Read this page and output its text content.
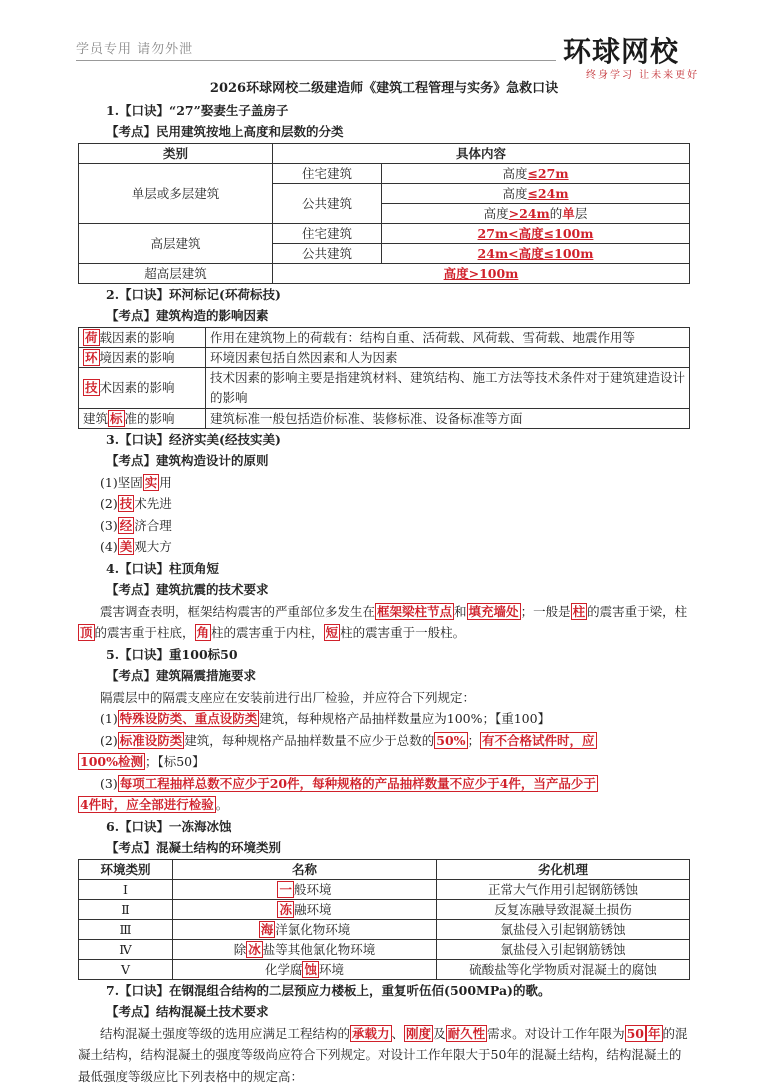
学员专用 请勿外泄	环球网校
终身学习 让未来更好
2026环球网校二级建造师《建筑工程管理与实务》急救口诀
1.【口诀】“27”娶妻生子盖房子
【考点】民用建筑按地上高度和层数的分类
类别	具体内容	
单层或多层建筑	住宅建筑	高度≤27m
	公共建筑	高度≤24m
		高度>24m的单层
高层建筑	住宅建筑	27m<高度≤100m
	公共建筑	24m<高度≤100m
超高层建筑	高度>100m	
2.【口诀】环河标记(环荷标技)
【考点】建筑构造的影响因素
荷 载因素的影响	作用在建筑物上的荷载有：结构自重、活荷载、风荷载、雪荷载、地震作用等
环 境因素的影响	环境因素包括自然因素和人为因素
技 术因素的影响	技术因素的影响主要是指建筑材料、建筑结构、施工方法等技术条件对于建筑建造设计的影响
建筑 标 准的影响	建筑标准一般包括造价标准、装修标准、设备标准等方面
3.【口诀】经济实美(经技实美)
【考点】建筑构造设计的原则
(1)坚固 实 用
(2) 技 术先进
(3) 经 济合理
(4) 美 观大方
4.【口诀】柱顶角短
【考点】建筑抗震的技术要求
震害调查表明，框架结构震害的严重部位多发生在 框架梁柱节点 和 填充墙处 ；一般是 柱 的震害重于梁，柱顶 的震害重于柱底， 角 柱的震害重于内柱， 短 柱的震害重于一般柱。
5.【口诀】重100标50
【考点】建筑隔震措施要求
隔震层中的隔震支座应在安装前进行出厂检验，并应符合下列规定：
(1) 特殊设防类、重点设防类 建筑，每种规格产品抽样数量应为100%；【重100】
(2) 标准设防类 建筑，每种规格产品抽样数量不应少于总数的 50% ； 有不合格试件时，应
100%检测 ；【标50】
(3) 每项工程抽样总数不应少于20件，每种规格的产品抽样数量不应少于4件，当产品少于
4件时，应全部进行检验 。
6.【口诀】一冻海冰蚀
【考点】混凝土结构的环境类别
环境类别	名称	劣化机理
Ⅰ	一 般环境	正常大气作用引起钢筋锈蚀
Ⅱ	冻 融环境	反复冻融导致混凝土损伤
Ⅲ	海 洋氯化物环境	氯盐侵入引起钢筋锈蚀
Ⅳ	除 冰 盐等其他氯化物环境	氯盐侵入引起钢筋锈蚀
Ⅴ	化学腐 蚀 环境	硫酸盐等化学物质对混凝土的腐蚀
7.【口诀】在钢混组合结构的二层预应力楼板上，重复听伍佰(500MPa)的歌。
【考点】结构混凝土技术要求
结构混凝土强度等级的选用应满足工程结构的 承载力 、 刚度 及 耐久性 需求。对设计工作年限为 50 年 的混凝土结构，结构混凝土的强度等级尚应符合下列规定。对设计工作年限大于50年的混凝土结构，结构混凝土的最低强度等级应比下列表格中的规定高：
